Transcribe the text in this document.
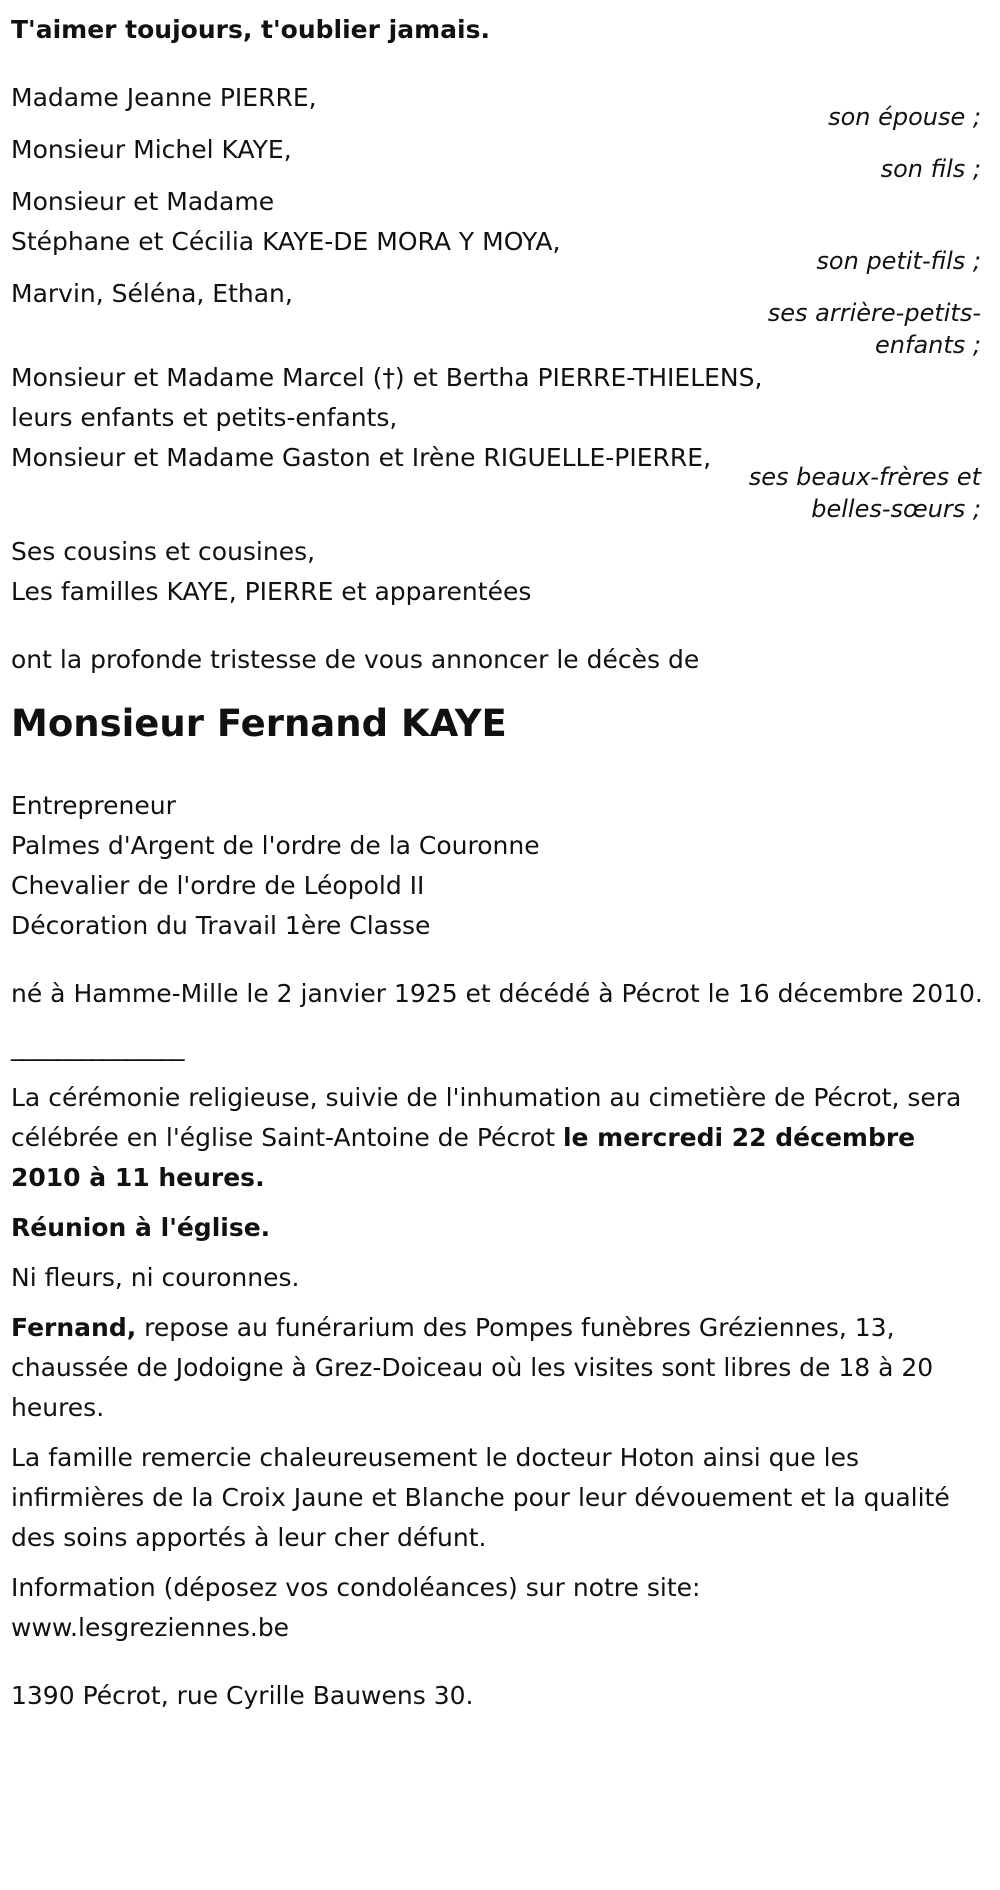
T'aimer toujours, t'oublier jamais.

Madame Jeanne PIERRE,

son épouse ;

Monsieur Michel KAYE,

son fils ;

Monsieur et Madame

Stéphane et Cécilia KAYE-DE MORA Y MOYA,

son petit-fils ;

Marvin, Séléna, Ethan,

ses arrière-petits-

enfants ;

Monsieur et Madame Marcel (†) et Bertha PIERRE-THIELENS,

leurs enfants et petits-enfants,

Monsieur et Madame Gaston et Irène RIGUELLE-PIERRE,

ses beaux-frères et

belles-sœurs ;

Ses cousins et cousines,

Les familles KAYE, PIERRE et apparentées

ont la profonde tristesse de vous annoncer le décès de

Monsieur Fernand KAYE

Entrepreneur

Palmes d'Argent de l'ordre de la Couronne

Chevalier de l'ordre de Léopold II

Décoration du Travail 1ère Classe

né à Hamme-Mille le 2 janvier 1925 et décédé à Pécrot le 16 décembre 2010.

_______________

La cérémonie religieuse, suivie de l'inhumation au cimetière de Pécrot, sera célébrée en l'église Saint-Antoine de Pécrot le mercredi 22 décembre 2010 à 11 heures.

Réunion à l'église.

Ni fleurs, ni couronnes.

Fernand, repose au funérarium des Pompes funèbres Gréziennes, 13, chaussée de Jodoigne à Grez-Doiceau où les visites sont libres de 18 à 20 heures.

La famille remercie chaleureusement le docteur Hoton ainsi que les infirmières de la Croix Jaune et Blanche pour leur dévouement et la qualité des soins apportés à leur cher défunt.

Information (déposez vos condoléances) sur notre site:

www.lesgreziennes.be

1390 Pécrot, rue Cyrille Bauwens 30.
